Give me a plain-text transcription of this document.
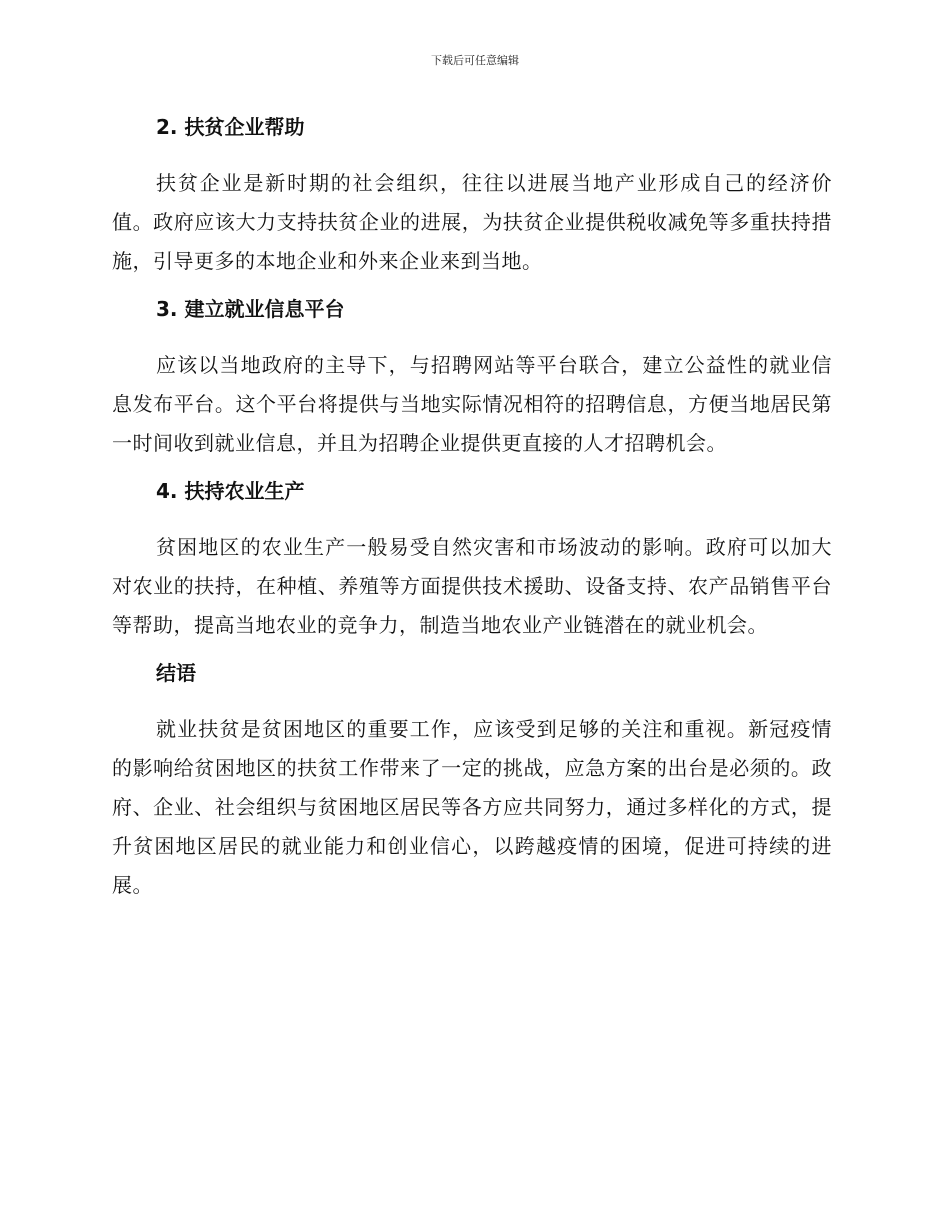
下载后可任意编辑
2. 扶贫企业帮助

扶贫企业是新时期的社会组织，往往以进展当地产业形成自己的经济价值。政府应该大力支持扶贫企业的进展，为扶贫企业提供税收减免等多重扶持措施，引导更多的本地企业和外来企业来到当地。

3. 建立就业信息平台

应该以当地政府的主导下，与招聘网站等平台联合，建立公益性的就业信息发布平台。这个平台将提供与当地实际情况相符的招聘信息，方便当地居民第一时间收到就业信息，并且为招聘企业提供更直接的人才招聘机会。

4. 扶持农业生产

贫困地区的农业生产一般易受自然灾害和市场波动的影响。政府可以加大对农业的扶持，在种植、养殖等方面提供技术援助、设备支持、农产品销售平台等帮助，提高当地农业的竞争力，制造当地农业产业链潜在的就业机会。

结语

就业扶贫是贫困地区的重要工作，应该受到足够的关注和重视。新冠疫情的影响给贫困地区的扶贫工作带来了一定的挑战，应急方案的出台是必须的。政府、企业、社会组织与贫困地区居民等各方应共同努力，通过多样化的方式，提升贫困地区居民的就业能力和创业信心，以跨越疫情的困境，促进可持续的进展。
